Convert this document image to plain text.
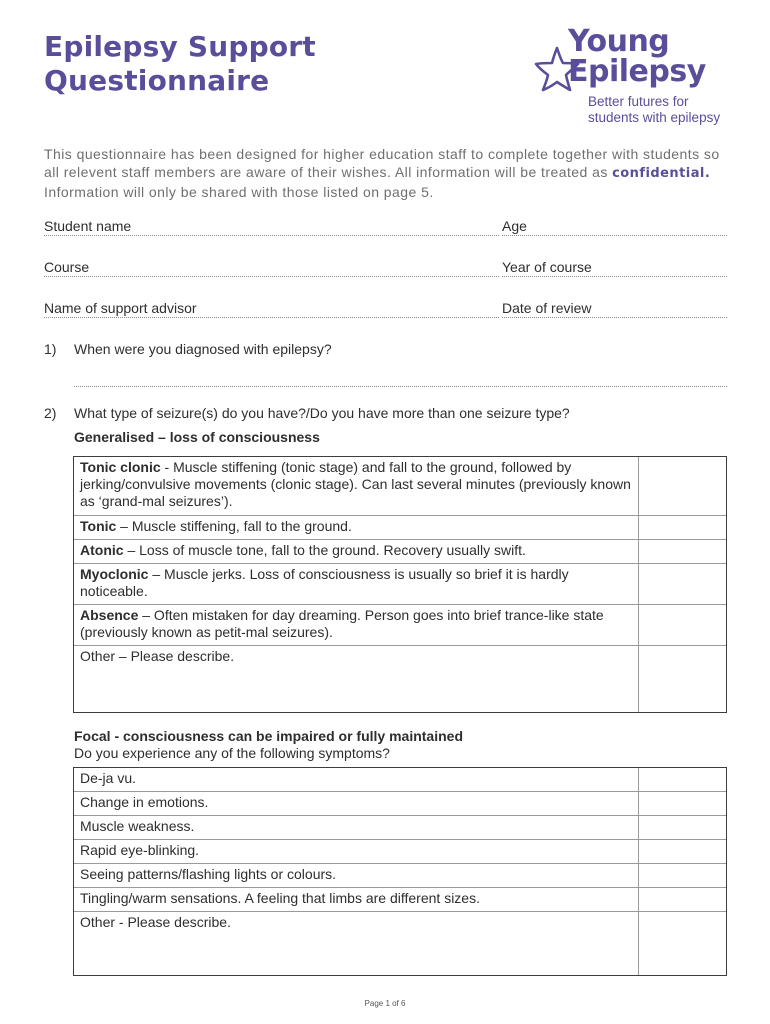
Epilepsy Support
Questionnaire
Young
Epilepsy
Better futures for
students with epilepsy
This questionnaire has been designed for higher education staff to complete together with students so all relevent staff members are aware of their wishes. All information will be treated as confidential. Information will only be shared with those listed on page 5.
Student name	Age
Course	Year of course
Name of support advisor	Date of review
1) When were you diagnosed with epilepsy?
2) What type of seizure(s) do you have?/Do you have more than one seizure type?
Generalised – loss of consciousness
Tonic clonic - Muscle stiffening (tonic stage) and fall to the ground, followed by jerking/convulsive movements (clonic stage). Can last several minutes (previously known as ‘grand-mal seizures’).
Tonic – Muscle stiffening, fall to the ground.
Atonic – Loss of muscle tone, fall to the ground. Recovery usually swift.
Myoclonic – Muscle jerks. Loss of consciousness is usually so brief it is hardly noticeable.
Absence – Often mistaken for day dreaming. Person goes into brief trance-like state (previously known as petit-mal seizures).
Other – Please describe.
Focal - consciousness can be impaired or fully maintained
Do you experience any of the following symptoms?
De-ja vu.
Change in emotions.
Muscle weakness.
Rapid eye-blinking.
Seeing patterns/flashing lights or colours.
Tingling/warm sensations. A feeling that limbs are different sizes.
Other - Please describe.
Page 1 of 6
